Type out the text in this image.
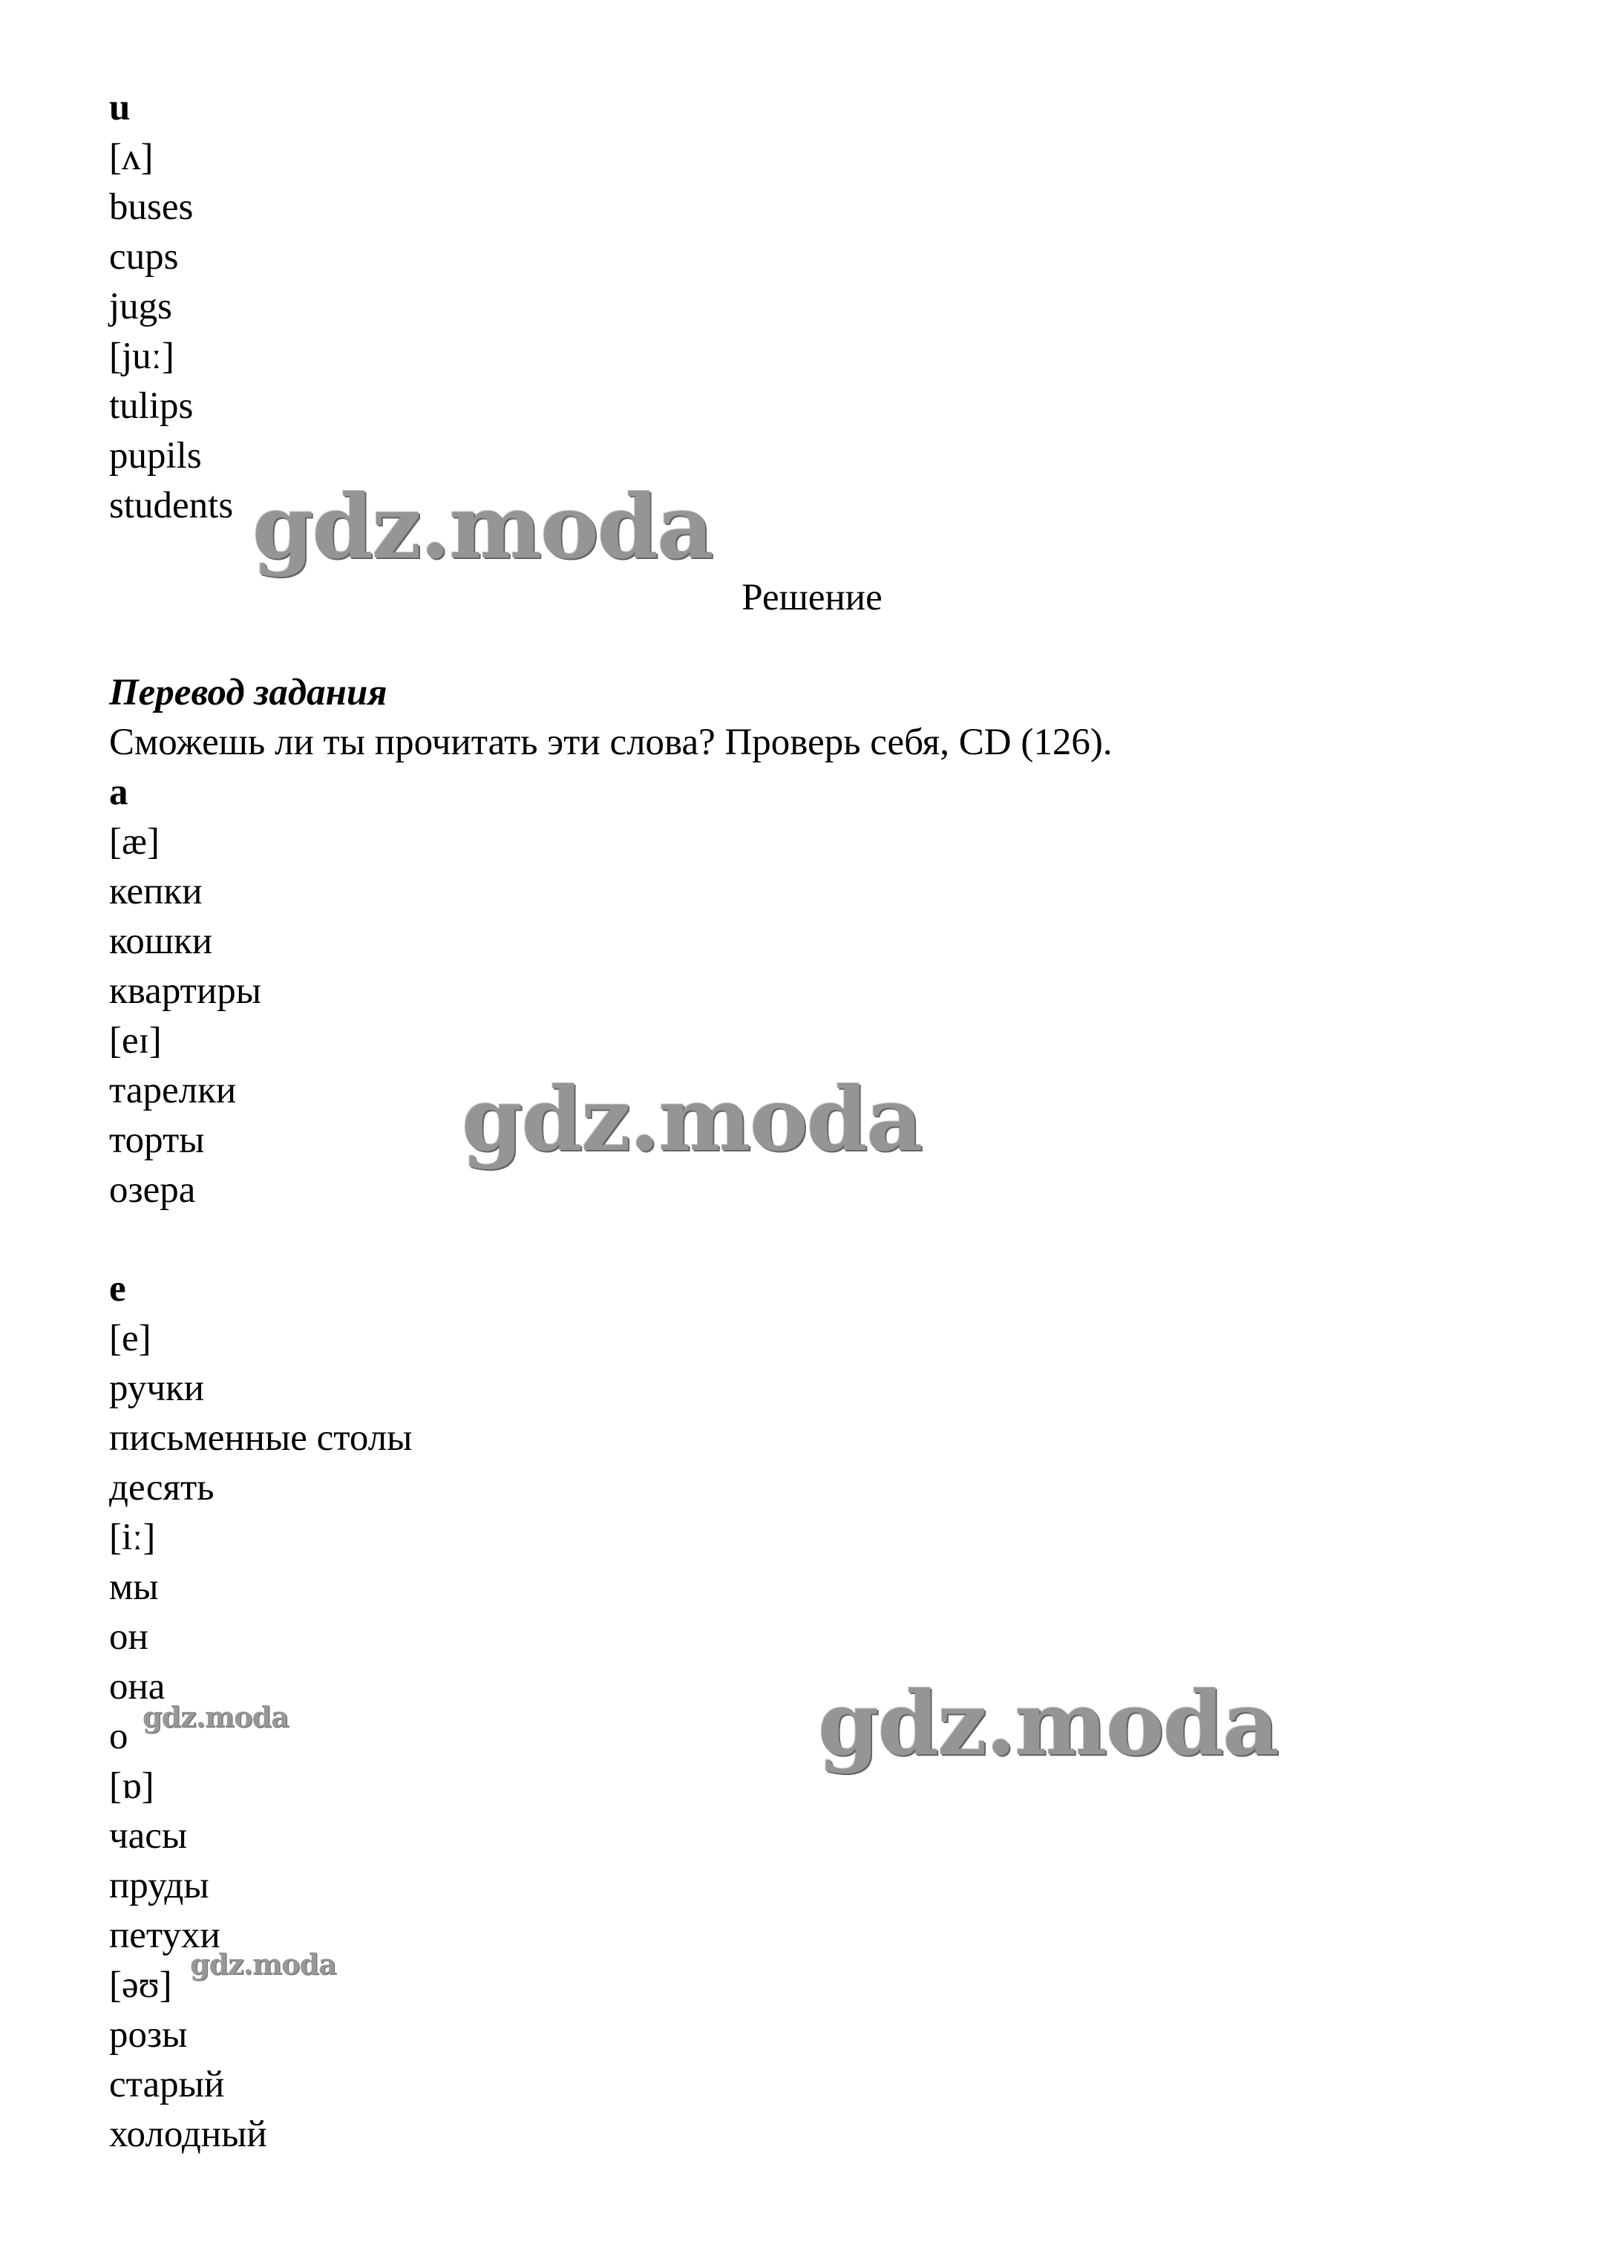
u
[ʌ]
buses
cups
jugs
[juː]
tulips
pupils
students gdz.moda
Решение
Перевод задания
Сможешь ли ты прочитать эти слова? Проверь себя, CD (126).
a
[æ]
кепки
кошки
квартиры
[eɪ]
тарелки
торты
озера
gdz.moda
e
[e]
ручки
письменные столы
десять
[iː]
мы
он
она	gdz.moda
o gdz.moda
[ɒ]
часы
пруды
петухи
gdz.moda
[əʊ]
розы
старый
холодный
